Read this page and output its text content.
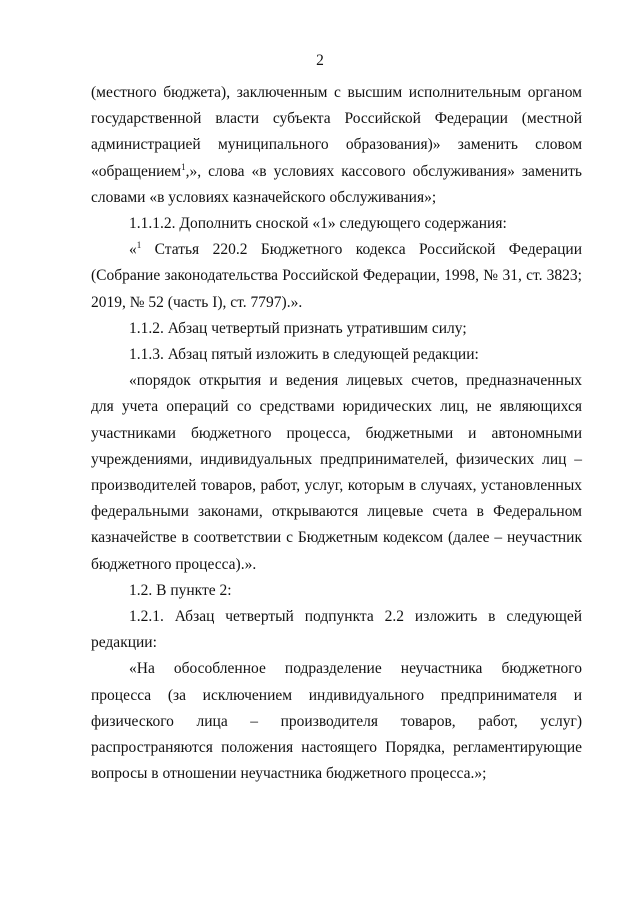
2

(местного бюджета), заключенным с высшим исполнительным органом государственной власти субъекта Российской Федерации (местной администрацией муниципального образования)» заменить словом «обращением$^1$,», слова «в условиях кассового обслуживания» заменить словами «в условиях казначейского обслуживания»;

1.1.1.2. Дополнить сноской «1» следующего содержания:

«$^1$ Статья 220.2 Бюджетного кодекса Российской Федерации (Собрание законодательства Российской Федерации, 1998, № 31, ст. 3823; 2019, № 52 (часть I), ст. 7797).».

1.1.2. Абзац четвертый признать утратившим силу;

1.1.3. Абзац пятый изложить в следующей редакции:

«порядок открытия и ведения лицевых счетов, предназначенных для учета операций со средствами юридических лиц, не являющихся участниками бюджетного процесса, бюджетными и автономными учреждениями, индивидуальных предпринимателей, физических лиц – производителей товаров, работ, услуг, которым в случаях, установленных федеральными законами, открываются лицевые счета в Федеральном казначействе в соответствии с Бюджетным кодексом (далее – неучастник бюджетного процесса).».

1.2. В пункте 2:

1.2.1. Абзац четвертый подпункта 2.2 изложить в следующей редакции:

«На обособленное подразделение неучастника бюджетного процесса (за исключением индивидуального предпринимателя и физического лица – производителя товаров, работ, услуг) распространяются положения настоящего Порядка, регламентирующие вопросы в отношении неучастника бюджетного процесса.»;
